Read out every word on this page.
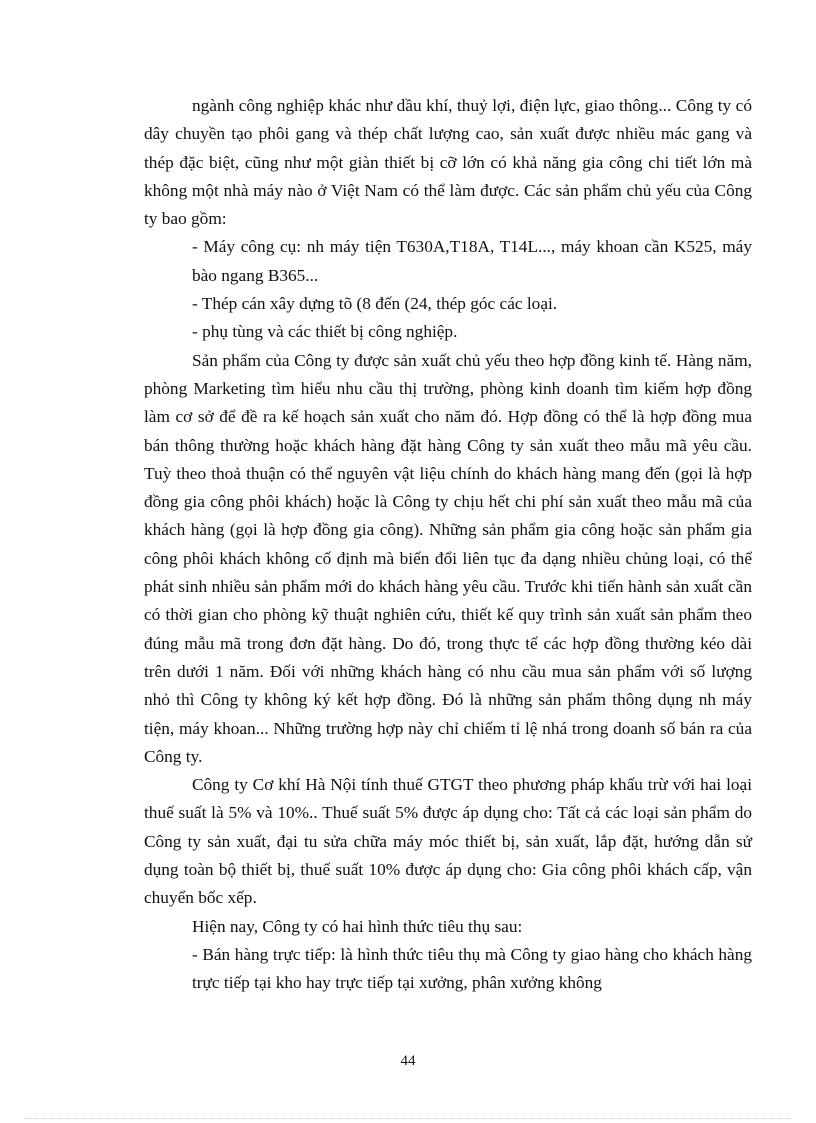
ngành công nghiệp khác như dầu khí, thuỷ lợi, điện lực, giao thông... Công ty có dây chuyền tạo phôi gang và thép chất lượng cao, sản xuất được nhiều mác gang và thép đặc biệt, cũng như một giàn thiết bị cỡ lớn có khả năng gia công chi tiết lớn mà không một nhà máy nào ở Việt Nam có thể làm được. Các sản phẩm chủ yếu của Công ty bao gồm:

- Máy công cụ: nh máy tiện T630A,T18A, T14L..., máy khoan cần K525, máy bào ngang B365...

- Thép cán xây dựng tõ (8 đến (24, thép góc các loại.

- phụ tùng và các thiết bị công nghiệp.

Sản phẩm của Công ty được sản xuất chủ yếu theo hợp đồng kinh tế. Hàng năm, phòng Marketing tìm hiểu nhu cầu thị trường, phòng kinh doanh tìm kiếm hợp đồng làm cơ sở để đề ra kế hoạch sản xuất cho năm đó. Hợp đồng có thể là hợp đồng mua bán thông thường hoặc khách hàng đặt hàng Công ty sản xuất theo mẫu mã yêu cầu. Tuỳ theo thoả thuận có thể nguyên vật liệu chính do khách hàng mang đến (gọi là hợp đồng gia công phôi khách) hoặc là Công ty chịu hết chi phí sản xuất theo mẫu mã của khách hàng (gọi là hợp đồng gia công). Những sản phẩm gia công hoặc sản phẩm gia công phôi khách không cố định mà biến đổi liên tục đa dạng nhiều chủng loại, có thể phát sinh nhiều sản phẩm mới do khách hàng yêu cầu. Trước khi tiến hành sản xuất cần có thời gian cho phòng kỹ thuật nghiên cứu, thiết kế quy trình sản xuất sản phẩm theo đúng mẫu mã trong đơn đặt hàng. Do đó, trong thực tế các hợp đồng thường kéo dài trên dưới 1 năm. Đối với những khách hàng có nhu cầu mua sản phẩm với số lượng nhỏ thì Công ty không ký kết hợp đồng. Đó là những sản phẩm thông dụng nh máy tiện, máy khoan... Những trường hợp này chỉ chiếm tỉ lệ nhá trong doanh số bán ra của Công ty.

Công ty Cơ khí Hà Nội tính thuế GTGT theo phương pháp khấu trừ với hai loại thuế suất là 5% và 10%.. Thuế suất 5% được áp dụng cho: Tất cả các loại sản phẩm do Công ty sản xuất, đại tu sửa chữa máy móc thiết bị, sản xuất, lắp đặt, hướng dẫn sử dụng toàn bộ thiết bị, thuế suất 10% được áp dụng cho: Gia công phôi khách cấp, vận chuyển bốc xếp.

Hiện nay, Công ty có hai hình thức tiêu thụ sau:

- Bán hàng trực tiếp: là hình thức tiêu thụ mà Công ty giao hàng cho khách hàng trực tiếp tại kho hay trực tiếp tại xưởng, phân xưởng không

44
